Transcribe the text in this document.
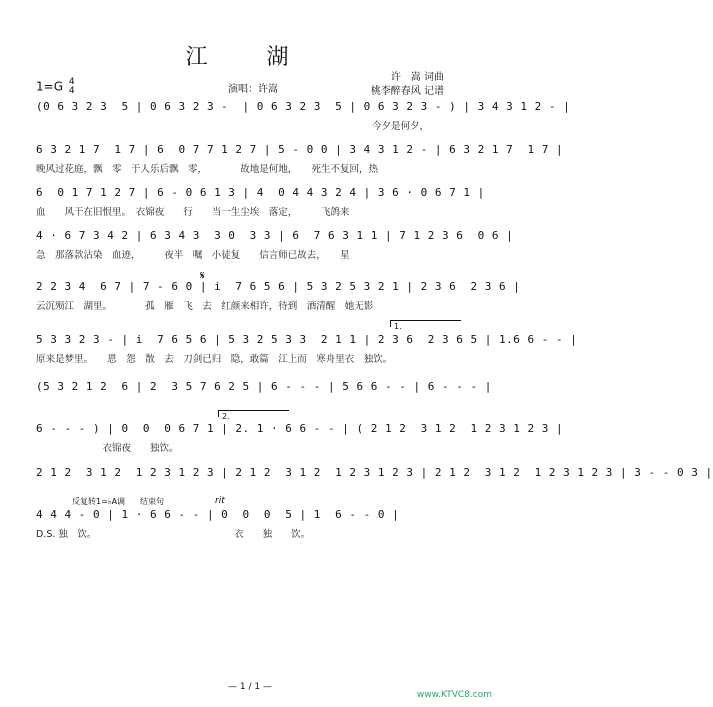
江 湖
1=G 4
4	演唱：许嵩
许　嵩 词曲
桃李醉春风 记谱
(0 6 3 2 3  5 | 0 6 3 2 3 -  | 0 6 3 2 3  5 | 0 6 3 2 3 - ) | 3 4 3 1 2 - |
今夕是何夕，
6 3 2 1 7  1 7 | 6  0 7 7 1 2 7 | 5 - 0 0 | 3 4 3 1 2 - | 6 3 2 1 7  1 7 |
晚风过花庭，飘　零　于人乐后飘　零，　　　　故地是何地，　　死生不复回，热
6  0 1 7 1 2 7 | 6 - 0 6 1 3 | 4  0 4 4 3 2 4 | 3 6 · 0 6 7 1 |
血　　风干在旧恨里。　衣锦夜　　行　　当一生尘埃　落定，　　　飞鸽来
4 · 6 7 3 4 2 | 6 3 4 3  3 0  3 3 | 6  7 6 3 1 1 | 7 1 2 3 6  0 6 |
急　那落款沾染　血迹，　　　夜半　嘱　小徒复　　信言师已故去，　　星
𝄋
2 2 3 4  6 7 | 7 - 6 0 | i  7 6 5 6 | 5 3 2 5 3 2 1 | 2 3 6  2 3 6 |
云沉殒江　湖里。　　　　孤　雁　飞　去　红颜来相许，待到　酒清醒　她无影
1.
5 3 3 2 3 - | i  7 6 5 6 | 5 3 2 5 3 3  2 1 1 | 2 3 6  2 3 6 5 | 1.6 6 - - |
原来是梦里。　　恩　怨　散　去　刀剑已归　隐，敢篇　江上而　寒舟里衣　独饮。
(5 3 2 1 2  6 | 2  3 5 7 6 2 5 | 6 - - - | 5 6 6 - - | 6 - - - |
2.
6 - - - ) | 0  0  0 6 7 1 | 2. 1 · 6 6 - - | ( 2 1 2  3 1 2  1 2 3 1 2 3 |
　　　　　　　衣锦夜　　独饮。
2 1 2  3 1 2  1 2 3 1 2 3 | 2 1 2  3 1 2  1 2 3 1 2 3 | 2 1 2  3 1 2  1 2 3 1 2 3 | 3 - - 0 3 |
反复转1=♭A调 结束句	rit
4 4 4 - 0 | 1 · 6 6 - - | 0  0  0  5 | 1  6 - - 0 |
D.S. 独　饮。　　　　　　　　　　　　　　　衣　　独　　饮。
— 1 / 1 —
www.KTVC8.com
